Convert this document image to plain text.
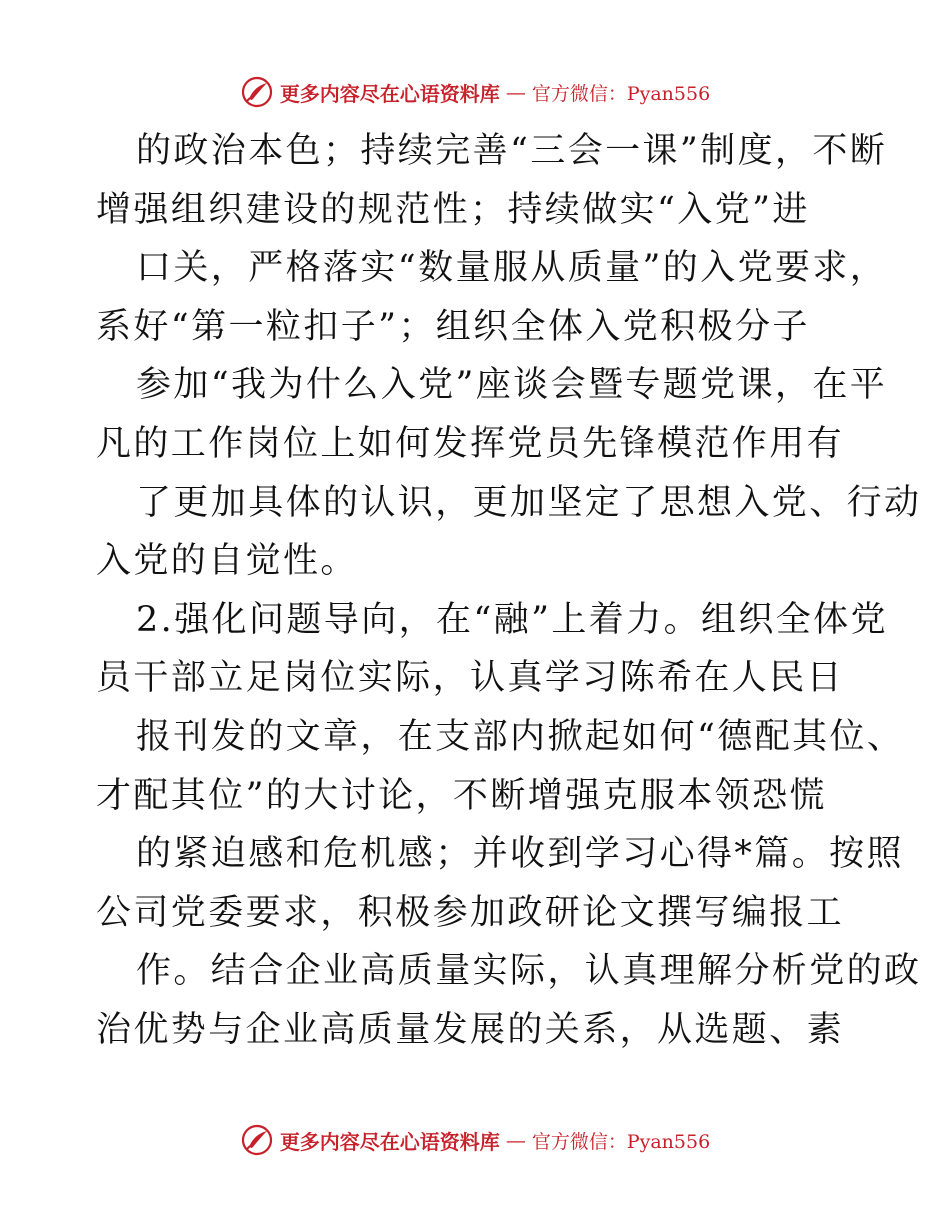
更多内容尽在心语资料库 — 官方微信：Pyan556
的政治本色；持续完善“三会一课”制度，不断
增强组织建设的规范性；持续做实“入党”进
口关，严格落实“数量服从质量”的入党要求，
系好“第一粒扣子”；组织全体入党积极分子
参加“我为什么入党”座谈会暨专题党课，在平
凡的工作岗位上如何发挥党员先锋模范作用有
了更加具体的认识，更加坚定了思想入党、行动
入党的自觉性。
2.强化问题导向，在“融”上着力。组织全体党
员干部立足岗位实际，认真学习陈希在人民日
报刊发的文章，在支部内掀起如何“德配其位、
才配其位”的大讨论，不断增强克服本领恐慌
的紧迫感和危机感；并收到学习心得*篇。按照
公司党委要求，积极参加政研论文撰写编报工
作。结合企业高质量实际，认真理解分析党的政
治优势与企业高质量发展的关系，从选题、素
更多内容尽在心语资料库 — 官方微信：Pyan556
